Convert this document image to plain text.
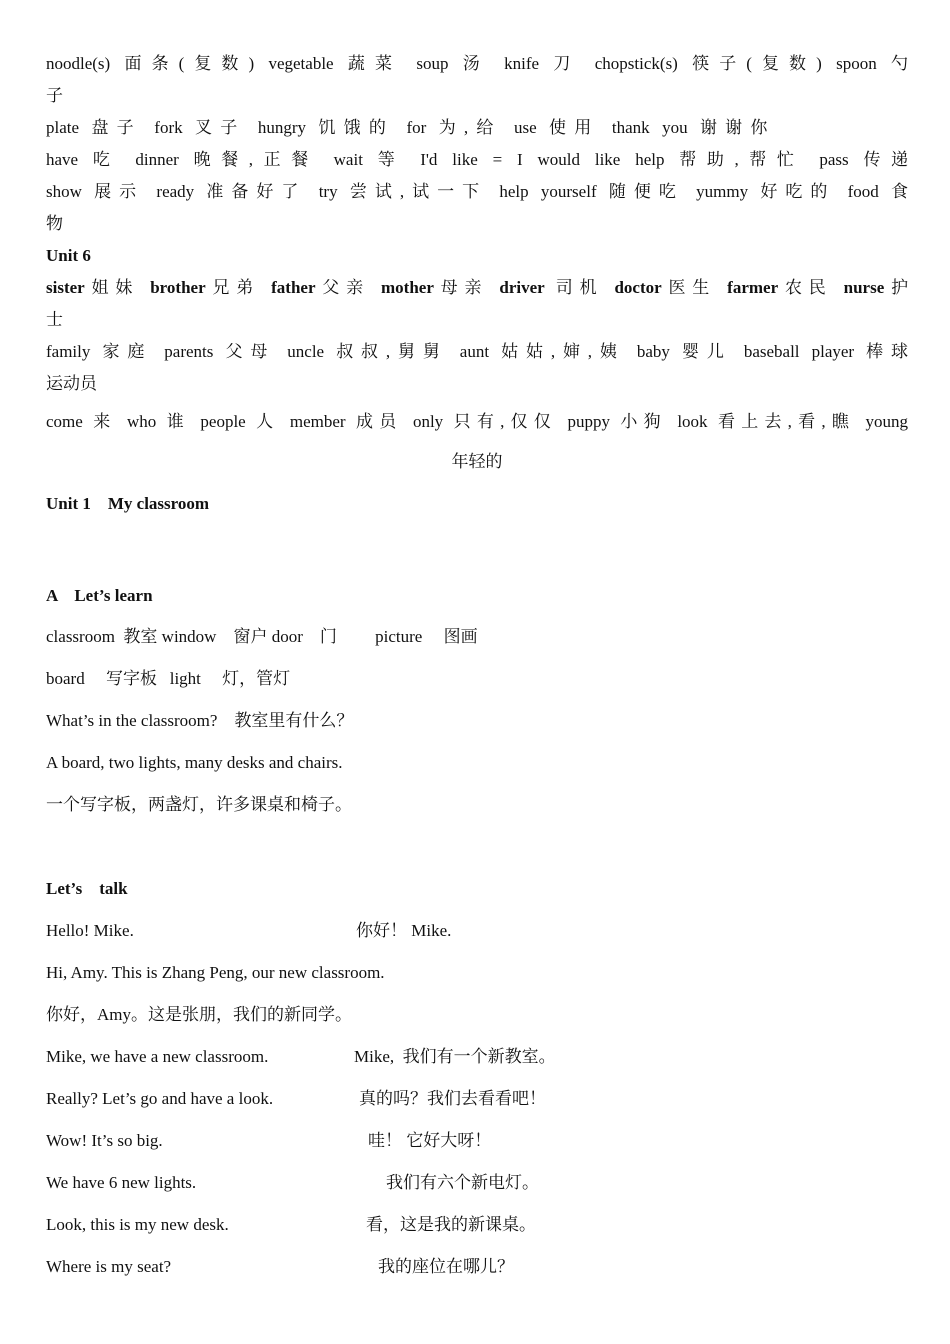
noodle(s) 面条(复数) vegetable 蔬菜 soup 汤 knife 刀 chopstick(s) 筷子(复数) spoon 勺
子
plate 盘子 fork 叉子 hungry 饥饿的 for 为,给 use 使用 thank you 谢谢你
have 吃 dinner 晚餐,正餐 wait 等 I'd like = I would like help 帮助,帮忙 pass 传递
show 展示 ready 准备好了 try 尝试,试一下 help yourself 随便吃 yummy 好吃的 food 食
物
Unit 6
sister姐妹 brother兄弟 father父亲 mother母亲 driver 司机 doctor医生 farmer农民 nurse护
士
family 家庭 parents 父母 uncle 叔叔,舅舅 aunt 姑姑,婶,姨 baby 婴儿 baseball player 棒球
运动员
come 来 who 谁 people 人 member 成员 only 只有,仅仅 puppy 小狗 look 看上去,看,瞧 young
年轻的
Unit 1    My classroom
A    Let’s learn
classroom  教室 window 窗户 door 门 picture 图画
board 写字板 light 灯，管灯
What’s in the classroom?    教室里有什么？
A board, two lights, many desks and chairs.
一个写字板，两盏灯，许多课桌和椅子。
Let’s    talk
Hello! Mike.	你好！ Mike.
Hi, Amy. This is Zhang Peng, our new classroom.
你好，Amy。这是张朋，我们的新同学。
Mike, we have a new classroom.	Mike,  我们有一个新教室。
Really? Let’s go and have a look.	真的吗？我们去看看吧！
Wow! It’s so big.	哇！ 它好大呀！
We have 6 new lights.	我们有六个新电灯。
Look, this is my new desk.	看，这是我的新课桌。
Where is my seat?	我的座位在哪儿？
